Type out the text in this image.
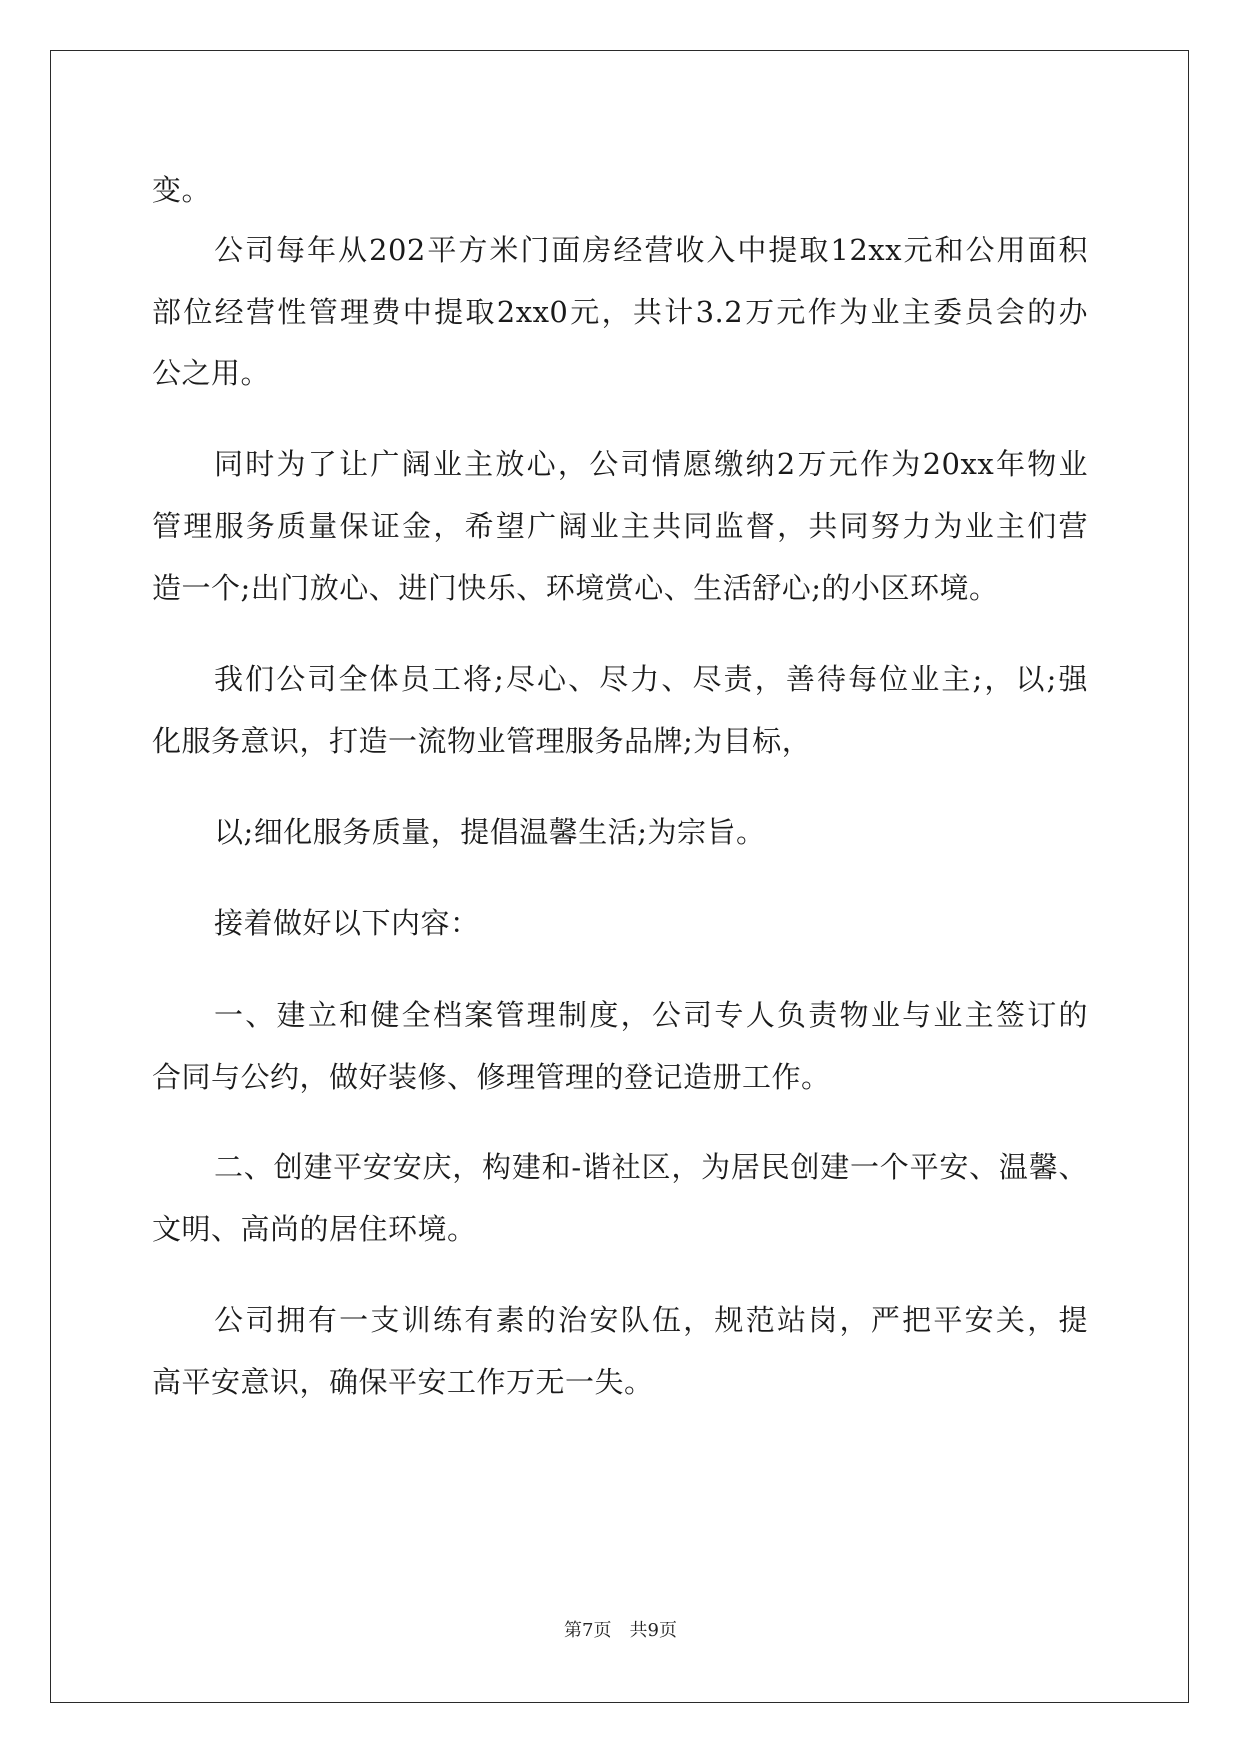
变。
公司每年从202平方米门面房经营收入中提取12xx元和公用面积
部位经营性管理费中提取2xx0元，共计3.2万元作为业主委员会的办
公之用。
同时为了让广阔业主放心，公司情愿缴纳2万元作为20xx年物业
管理服务质量保证金，希望广阔业主共同监督，共同努力为业主们营
造一个;出门放心、进门快乐、环境赏心、生活舒心;的小区环境。
我们公司全体员工将;尽心、尽力、尽责，善待每位业主;，以;强
化服务意识，打造一流物业管理服务品牌;为目标，
以;细化服务质量，提倡温馨生活;为宗旨。
接着做好以下内容：
一、建立和健全档案管理制度，公司专人负责物业与业主签订的
合同与公约，做好装修、修理管理的登记造册工作。
二、创建平安安庆，构建和-谐社区，为居民创建一个平安、温馨、
文明、高尚的居住环境。
公司拥有一支训练有素的治安队伍，规范站岗，严把平安关，提
高平安意识，确保平安工作万无一失。
第7页　共9页
